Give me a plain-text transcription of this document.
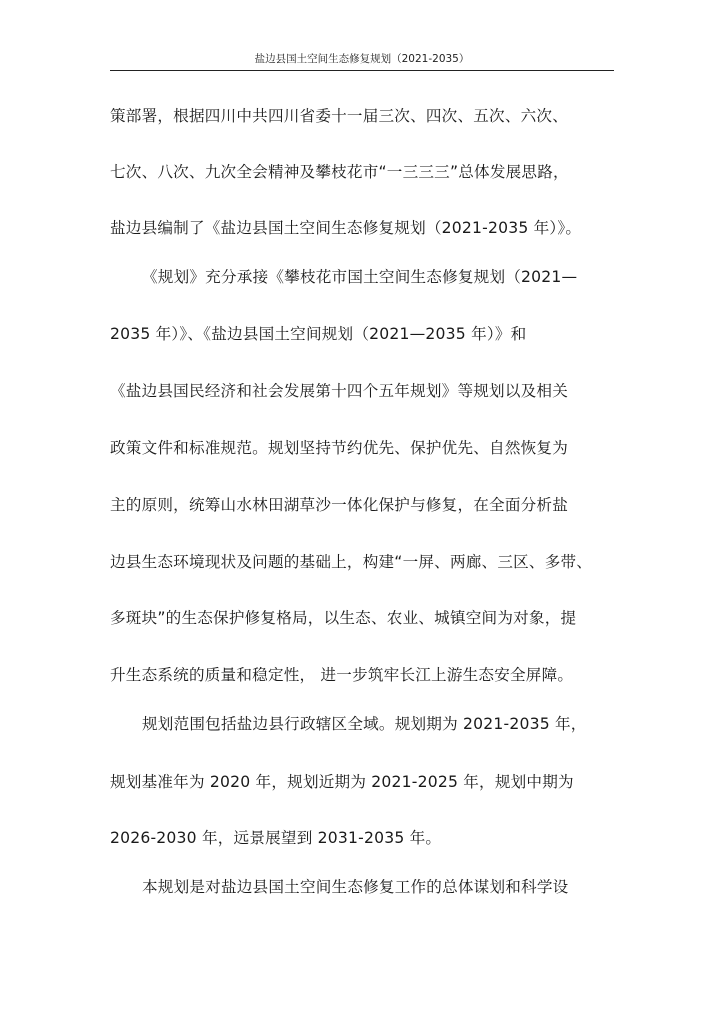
盐边县国土空间生态修复规划（2021-2035）
策部署，根据四川中共四川省委十一届三次、四次、五次、六次、
七次、八次、九次全会精神及攀枝花市“一三三三”总体发展思路，
盐边县编制了《盐边县国土空间生态修复规划（2021-2035 年）》。
《规划》充分承接《攀枝花市国土空间生态修复规划（2021—
2035 年）》、《盐边县国土空间规划（2021—2035 年）》和
《盐边县国民经济和社会发展第十四个五年规划》等规划以及相关
政策文件和标准规范。规划坚持节约优先、保护优先、自然恢复为
主的原则，统筹山水林田湖草沙一体化保护与修复，在全面分析盐
边县生态环境现状及问题的基础上，构建“一屏、两廊、三区、多带、
多斑块”的生态保护修复格局，以生态、农业、城镇空间为对象，提
升生态系统的质量和稳定性， 进一步筑牢长江上游生态安全屏障。
规划范围包括盐边县行政辖区全域。规划期为 2021-2035 年，
规划基准年为 2020 年，规划近期为 2021-2025 年，规划中期为
2026-2030 年，远景展望到 2031-2035 年。
本规划是对盐边县国土空间生态修复工作的总体谋划和科学设
